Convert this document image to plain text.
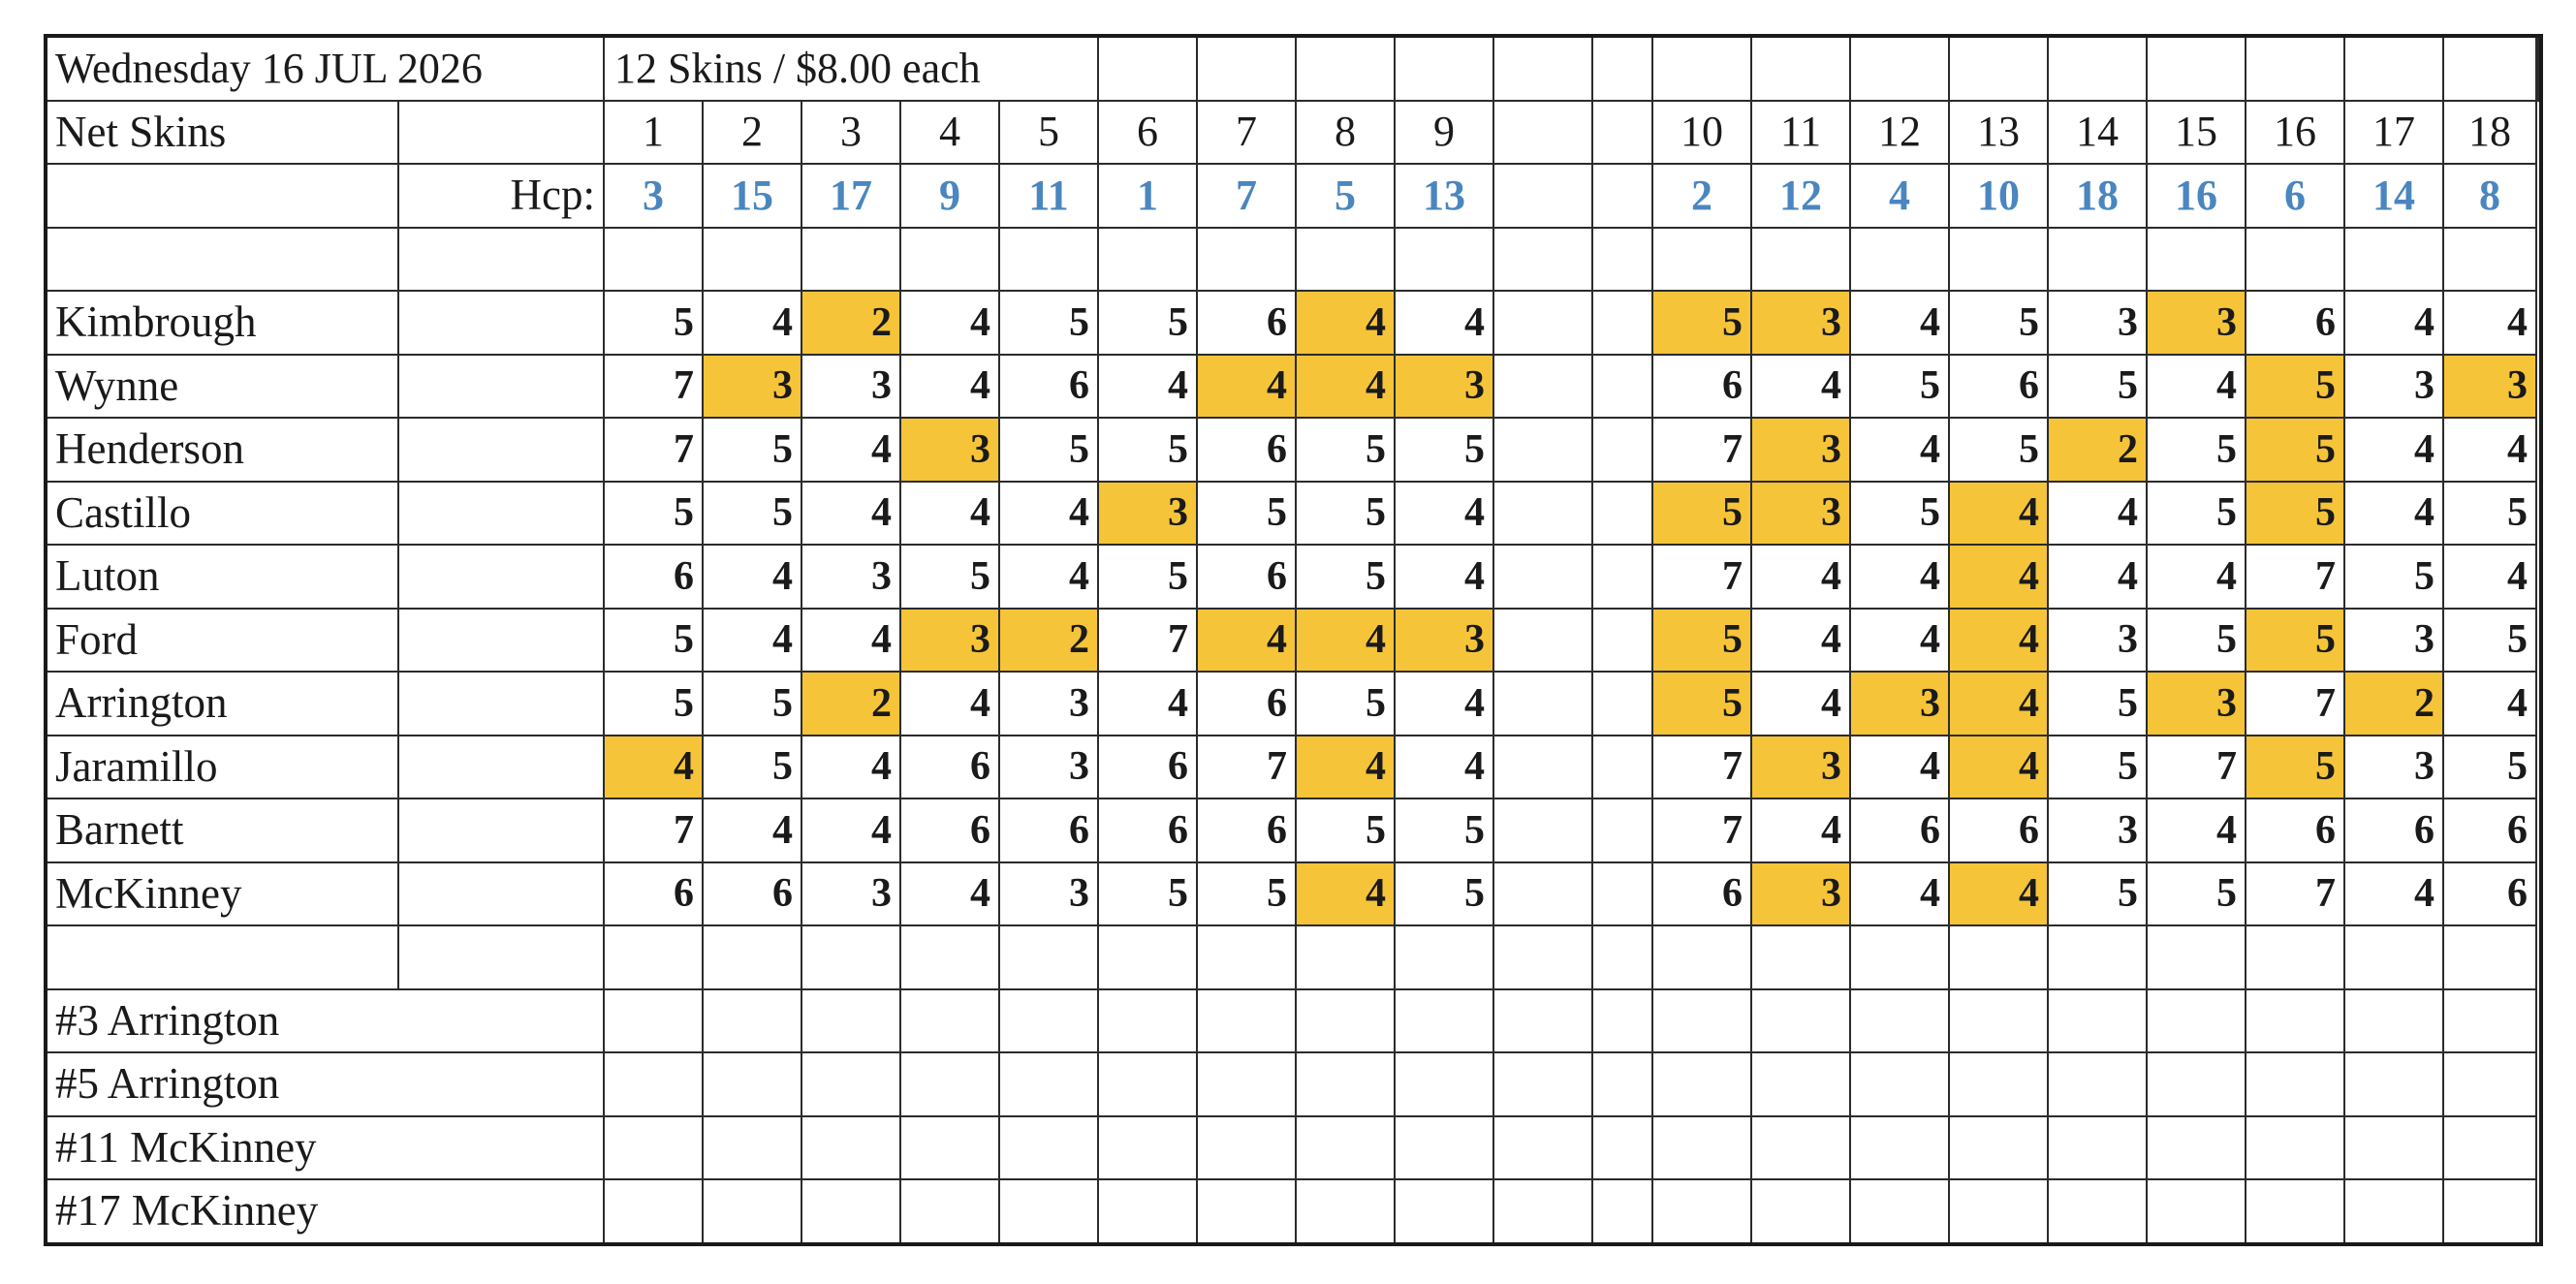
Wednesday 16 JUL 2026		12 Skins / $8.00 each																					
Net Skins		1	2	3	4	5	6	7	8	9			10	11	12	13	14	15	16	17	18		
	Hcp:	3	15	17	9	11	1	7	5	13			2	12	4	10	18	16	6	14	8		

Kimbrough		5	4	2	4	5	5	6	4	4			5	3	4	5	3	3	6	4	4		
Wynne		7	3	3	4	6	4	4	4	3			6	4	5	6	5	4	5	3	3		
Henderson		7	5	4	3	5	5	6	5	5			7	3	4	5	2	5	5	4	4		
Castillo		5	5	4	4	4	3	5	5	4			5	3	5	4	4	5	5	4	5		
Luton		6	4	3	5	4	5	6	5	4			7	4	4	4	4	4	7	5	4		
Ford		5	4	4	3	2	7	4	4	3			5	4	4	4	3	5	5	3	5		
Arrington		5	5	2	4	3	4	6	5	4			5	4	3	4	5	3	7	2	4		
Jaramillo		4	5	4	6	3	6	7	4	4			7	3	4	4	5	7	5	3	5		
Barnett		7	4	4	6	6	6	6	5	5			7	4	6	6	3	4	6	6	6		
McKinney		6	6	3	4	3	5	5	4	5			6	3	4	4	5	5	7	4	6		

#3 Arrington																							
#5 Arrington																							
#11 McKinney																							
#17 McKinney																							
